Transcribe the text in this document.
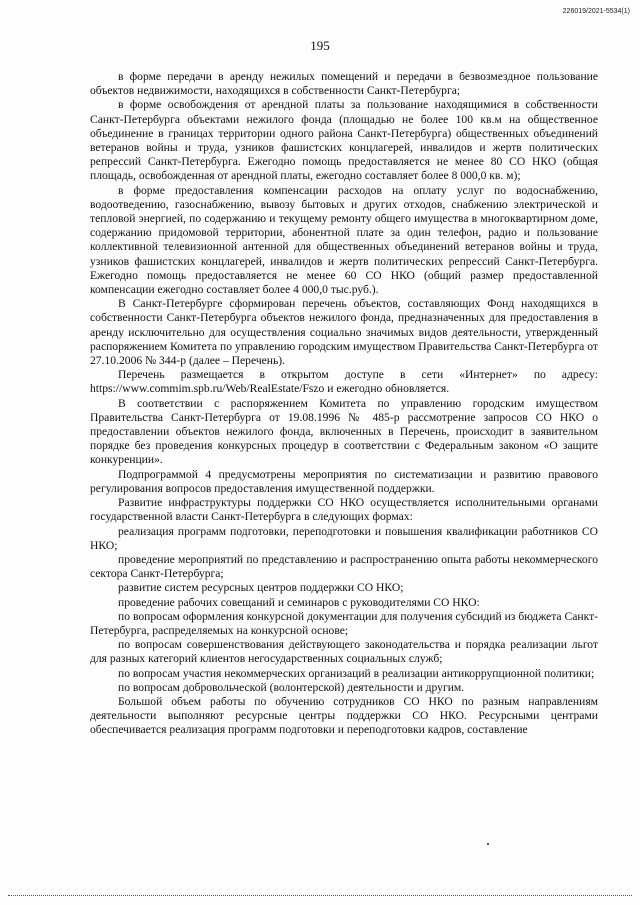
226019/2021-5534(1)
195

в форме передачи в аренду нежилых помещений и передачи в безвозмездное пользование объектов недвижимости, находящихся в собственности Санкт-Петербурга;

в форме освобождения от арендной платы за пользование находящимися в собственности Санкт-Петербурга объектами нежилого фонда (площадью не более 100 кв.м на общественное объединение в границах территории одного района Санкт-Петербурга) общественных объединений ветеранов войны и труда, узников фашистских концлагерей, инвалидов и жертв политических репрессий Санкт-Петербурга. Ежегодно помощь предоставляется не менее 80 СО НКО (общая площадь, освобожденная от арендной платы, ежегодно составляет более 8 000,0 кв. м);

в форме предоставления компенсации расходов на оплату услуг по водоснабжению, водоотведению, газоснабжению, вывозу бытовых и других отходов, снабжению электрической и тепловой энергией, по содержанию и текущему ремонту общего имущества в многоквартирном доме, содержанию придомовой территории, абонентной плате за один телефон, радио и пользование коллективной телевизионной антенной для общественных объединений ветеранов войны и труда, узников фашистских концлагерей, инвалидов и жертв политических репрессий Санкт-Петербурга. Ежегодно помощь предоставляется не менее 60 СО НКО (общий размер предоставленной компенсации ежегодно составляет более 4 000,0 тыс.руб.).

В Санкт-Петербурге сформирован перечень объектов, составляющих Фонд находящихся в собственности Санкт-Петербурга объектов нежилого фонда, предназначенных для предоставления в аренду исключительно для осуществления социально значимых видов деятельности, утвержденный распоряжением Комитета по управлению городским имуществом Правительства Санкт-Петербурга от 27.10.2006 № 344-р (далее – Перечень).

Перечень размещается в открытом доступе в сети «Интернет» по адресу: https://www.commim.spb.ru/Web/RealEstate/Fszo и ежегодно обновляется.

В соответствии с распоряжением Комитета по управлению городским имуществом Правительства Санкт-Петербурга от 19.08.1996 № 485-р рассмотрение запросов СО НКО о предоставлении объектов нежилого фонда, включенных в Перечень, происходит в заявительном порядке без проведения конкурсных процедур в соответствии с Федеральным законом «О защите конкуренции».

Подпрограммой 4 предусмотрены мероприятия по систематизации и развитию правового регулирования вопросов предоставления имущественной поддержки.

Развитие инфраструктуры поддержки СО НКО осуществляется исполнительными органами государственной власти Санкт-Петербурга в следующих формах:

реализация программ подготовки, переподготовки и повышения квалификации работников СО НКО;

проведение мероприятий по представлению и распространению опыта работы некоммерческого сектора Санкт-Петербурга;

развитие систем ресурсных центров поддержки СО НКО;

проведение рабочих совещаний и семинаров с руководителями СО НКО:

по вопросам оформления конкурсной документации для получения субсидий из бюджета Санкт-Петербурга, распределяемых на конкурсной основе;

по вопросам совершенствования действующего законодательства и порядка реализации льгот для разных категорий клиентов негосударственных социальных служб;

по вопросам участия некоммерческих организаций в реализации антикоррупционной политики;

по вопросам добровольческой (волонтерской) деятельности и другим.

Большой объем работы по обучению сотрудников СО НКО по разным направлениям деятельности выполняют ресурсные центры поддержки СО НКО. Ресурсными центрами обеспечивается реализация программ подготовки и переподготовки кадров, составление
